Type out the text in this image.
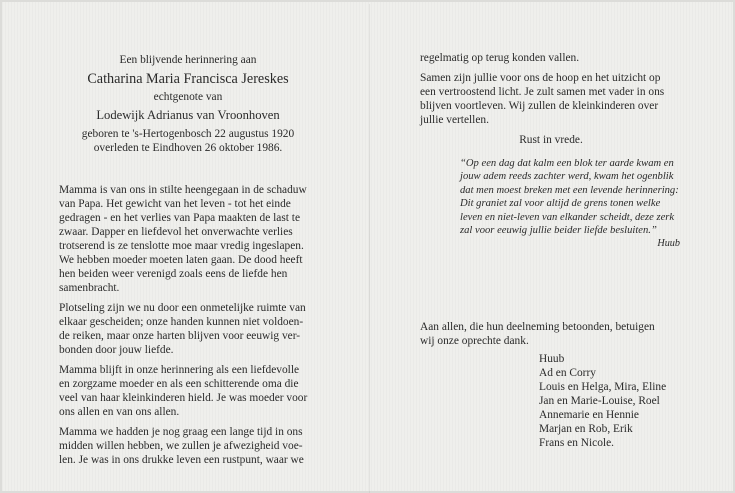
Een blijvende herinnering aan
Catharina Maria Francisca Jereskes
echtgenote van
Lodewijk Adrianus van Vroonhoven
geboren te 's-Hertogenbosch 22 augustus 1920
overleden te Eindhoven 26 oktober 1986.
Mamma is van ons in stilte heengegaan in de schaduw
van Papa. Het gewicht van het leven - tot het einde
gedragen - en het verlies van Papa maakten de last te
zwaar. Dapper en liefdevol het onverwachte verlies
trotserend is ze tenslotte moe maar vredig ingeslapen.
We hebben moeder moeten laten gaan. De dood heeft
hen beiden weer verenigd zoals eens de liefde hen
samenbracht.
Plotseling zijn we nu door een onmetelijke ruimte van
elkaar gescheiden; onze handen kunnen niet voldoen-
de reiken, maar onze harten blijven voor eeuwig ver-
bonden door jouw liefde.
Mamma blijft in onze herinnering als een liefdevolle
en zorgzame moeder en als een schitterende oma die
veel van haar kleinkinderen hield. Je was moeder voor
ons allen en van ons allen.
Mamma we hadden je nog graag een lange tijd in ons
midden willen hebben, we zullen je afwezigheid voe-
len. Je was in ons drukke leven een rustpunt, waar we
regelmatig op terug konden vallen.
Samen zijn jullie voor ons de hoop en het uitzicht op
een vertroostend licht. Je zult samen met vader in ons
blijven voortleven. Wij zullen de kleinkinderen over
jullie vertellen.
Rust in vrede.
“Op een dag dat kalm een blok ter aarde kwam en
jouw adem reeds zachter werd, kwam het ogenblik
dat men moest breken met een levende herinnering:
Dit graniet zal voor altijd de grens tonen welke
leven en niet-leven van elkander scheidt, deze zerk
zal voor eeuwig jullie beider liefde besluiten.”
Huub
Aan allen, die hun deelneming betoonden, betuigen
wij onze oprechte dank.
Huub
Ad en Corry
Louis en Helga, Mira, Eline
Jan en Marie-Louise, Roel
Annemarie en Hennie
Marjan en Rob, Erik
Frans en Nicole.
